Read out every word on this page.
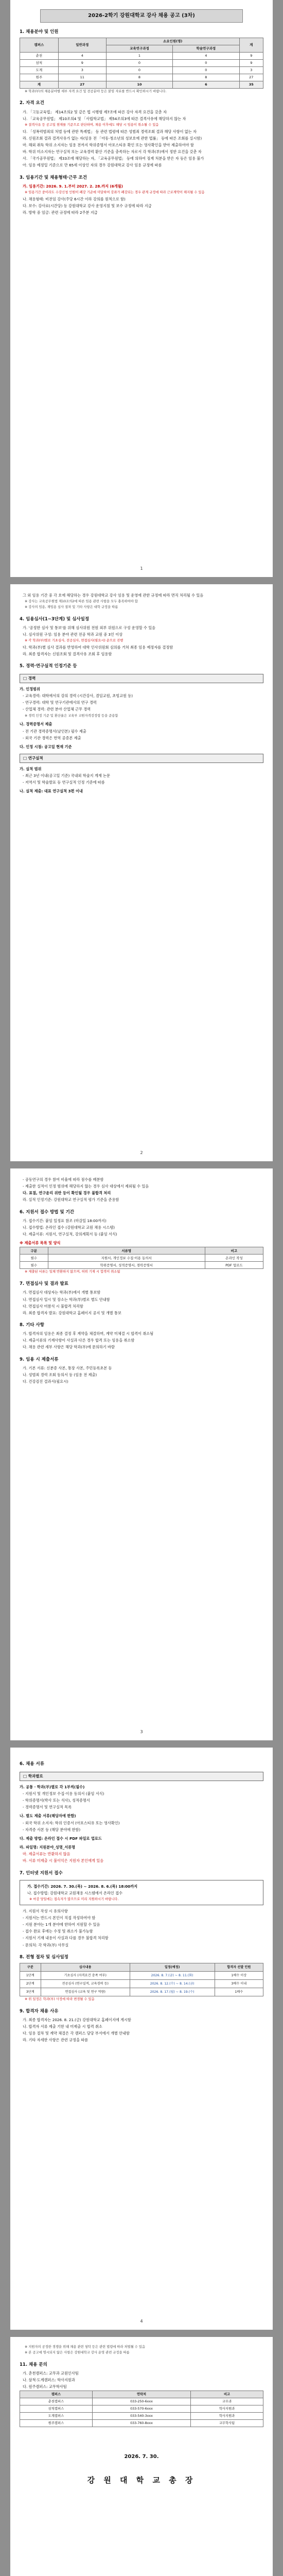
2026-2학기 강원대학교 강사 채용 공고 (3차)
1. 채용분야 및 인원
캠퍼스	일반과정	소요인원(명)		계
		교육연구과정	학술연구과정	
춘천	4	1	4	9
삼척	9	0	0	9
도계	3	0	0	3
원주	11	8	8	27
계	27	10	6	35
※ 학과(부)의 채용분야별 세부 자격 요건 및 전공분야 등은 붙임 자료를 반드시 확인하시기 바랍니다.
2. 자격 요건
가. 「고등교육법」 제14조의2 및 같은 법 시행령 제7조에 따른 강사 자격 요건을 갖춘 자
나. 「교육공무원법」 제10조의4 및 「사립학교법」 제54조의3에 따른 결격사유에 해당하지 않는 자
※ 결격사유 등 공고일 현재를 기준으로 판단하며, 채용 이후에도 해당 시 임용이 취소될 수 있음
다. 「성폭력범죄의 처벌 등에 관한 특례법」 등 관련 법령에 따른 성범죄 경력조회 결과 해당 사항이 없는 자
라. 신원조회 결과 결격사유가 없는 자(임용 전 「아동·청소년의 성보호에 관한 법률」 등에 따른 조회를 실시함)
마. 해외 취득 학위 소지자는 임용 전까지 학위증명서 아포스티유 확인 또는 영사확인을 받아 제출하여야 함
바. 학위 미소지자는 연구실적 또는 교육경력 환산 기준을 충족하는 자로서 각 학과(부)에서 정한 요건을 갖춘 자
사. 「국가공무원법」 제33조에 해당하는 자, 「교육공무원법」 등에 의하여 징계 처분을 받은 자 등은 임용 불가
아. 임용 예정일 기준으로 만 65세 이상인 자의 경우 강원대학교 강사 임용 규정에 따름
3. 임용기간 및 채용형태·근무 조건
가. 임용기간: 2026. 9. 1.부터 2027. 2. 28.까지 (6개월)
※ 임용기간 중이라도 수강신청 인원이 폐강 기준에 미달하여 강좌가 폐강되는 경우 관계 규정에 따라 근로계약이 해지될 수 있음
나. 채용형태: 비전임 강사(주당 6시간 이하 강의를 원칙으로 함)
다. 보수: 강사료(시간당) 등 강원대학교 강사 운영지침 및 보수 규정에 따라 지급
라. 방학 중 임금: 관련 규정에 따라 2주분 지급
1
그 외 임용 기간 중 각 호에 해당하는 경우 강원대학교 강사 임용 및 운영에 관한 규정에 따라 면직 처리될 수 있음
※ 강사는 교육공무원법 제10조의2에 따른 임용 관련 사항을 모두 충족하여야 함
※ 강사의 임용, 재임용 심사 절차 및 기타 사항은 대학 규정을 따름
4. 임용심사(1~3단계) 및 심사일정
가. '공정한 심사 및 통보'를 위해 심사위원 전원 외부 위원으로 구성 운영할 수 있음
나. 심사위원 구성: 임용 분야 관련 전공 학과 교원 중 3인 이상
※ 각 학과(부)별로 기초심사, 전공심사, 면접심사(필요시) 순으로 진행
다. 학과(부)별 심사 결과를 반영하여 대학 인사위원회 심의를 거쳐 최종 임용 예정자를 결정함
라. 최종 합격자는 신원조회 및 결격사유 조회 후 임용함
5. 경력·연구실적 인정기준 등
□ 경력
가. 인정범위
- 교육경력: 대학에서의 강의 경력 (시간강사, 겸임교원, 초빙교원 등)
- 연구경력: 대학 및 연구기관에서의 연구 경력
- 산업체 경력: 관련 분야 산업체 근무 경력
※ 경력 인정 기준 및 환산율은 교육부 교원자격검정령 등을 준용함
나. 경력증명서 제출
- 전 기관 경력증명서(날인본) 필수 제출
- 외국 기관 경력은 번역 공증본 제출
다. 인정 시점: 공고일 현재 기준
□ 연구실적
가. 실적 범위
- 최근 3년 이내(공고일 기준) 국내외 학술지 게재 논문
- 저역서 및 학술발표 등 연구실적 인정 기준에 따름
나. 실적 제출: 대표 연구실적 3편 이내
2
- 공동연구의 경우 참여 비율에 따라 점수를 배분함
- 제출한 실적이 인정 범위에 해당하지 않는 경우 심사 대상에서 제외될 수 있음
다. 표절, 연구윤리 위반 등이 확인될 경우 불합격 처리
라. 실적 인정기준: 강원대학교 연구실적 평가 기준을 준용함
6. 지원서 접수 방법 및 기간
가. 접수기간: 붙임 일정표 참조 (마감일 18:00까지)
나. 접수방법: 온라인 접수 (강원대학교 교원 채용 시스템)
다. 제출서류: 지원서, 연구실적, 강의계획서 등 (붙임 서식)
※ 제출서류 목록 및 양식
구분	서류명	비고
필수	지원서, 개인정보 수집·이용 동의서	온라인 작성
필수	학위증명서, 성적증명서, 경력증명서	PDF 업로드
※ 제출된 서류는 일체 반환하지 않으며, 허위 기재 시 합격이 취소됨
7. 면접심사 및 결과 발표
가. 면접심사 대상자는 학과(부)에서 개별 통보함
나. 면접심사 일시 및 장소는 학과(부)별로 별도 안내함
다. 면접심사 미참석 시 불합격 처리함
라. 최종 합격자 발표: 강원대학교 홈페이지 공지 및 개별 통보
8. 기타 사항
가. 합격자의 임용은 최종 결정 후 계약을 체결하며, 계약 미체결 시 합격이 취소됨
나. 제출서류의 기재사항이 사실과 다른 경우 합격 또는 임용을 취소함
다. 채용 관련 세부 사항은 해당 학과(부)에 문의하기 바람
9. 임용 시 제출서류
가. 기본 서류: 신분증 사본, 통장 사본, 주민등록초본 등
나. 성범죄 경력 조회 동의서 등 (임용 전 제출)
다. 건강검진 결과서(필요시)
3
6. 채용 서류
□ 학과별로
가. 공통 · 학과(부)별로 각 1부씩(필수)
- 지원서 및 개인정보 수집·이용 동의서 (붙임 서식)
- 학위증명서(박사 또는 석사), 성적증명서
- 경력증명서 및 연구실적 목록
나. 별도 제출 서류(해당자에 한함)
- 외국 학위 소지자: 학위 인증서 (아포스티유 또는 영사확인)
- 자격증 사본 등 (해당 분야에 한함)
다. 제출 방법: 온라인 접수 시 PDF 파일로 업로드
라. 파일명: 지원분야_성명_서류명
마. 제출서류는 반환하지 않음
바. 서류 미제출 시 불이익은 지원자 본인에게 있음
7. 인터넷 지원서 접수
가. 접수기간: 2026. 7. 30.(목) ~ 2026. 8. 6.(목) 18:00까지
나. 접수방법: 강원대학교 교원채용 시스템에서 온라인 접수
※ 마감 당일에는 접속자가 많으므로 미리 지원하시기 바랍니다.
가. 지원서 작성 시 유의사항
- 지원서는 반드시 본인이 직접 작성하여야 함
- 지원 분야는 1개 분야에 한하여 지원할 수 있음
- 접수 완료 후에는 수정 및 취소가 불가능함
- 지원서 기재 내용이 사실과 다를 경우 불합격 처리함
- 문의처: 각 학과(부) 사무실
8. 전형 절차 및 심사일정
구분	심사내용	일정(예정)	합격자 선발 인원
1단계	기초심사 (자격요건 충족 여부)	2026. 8. 7.(금) ~ 8. 11.(화)	1배수 이상
2단계	전공심사 (연구실적, 교육경력 등)	2026. 8. 12.(수) ~ 8. 14.(금)	3배수 이내
3단계	면접심사 (교육 및 연구 역량)	2026. 8. 17.(월) ~ 8. 19.(수)	1배수
※ 위 일정은 학과(부) 사정에 따라 변경될 수 있음
9. 합격자 채용 사유
가. 최종 합격자는 2026. 8. 21.(금) 강원대학교 홈페이지에 게시함
나. 합격자 서류 제출 기한 내 미제출 시 합격 취소
다. 임용 절차 및 계약 체결은 각 캠퍼스 담당 부서에서 개별 안내함
라. 기타 자세한 사항은 관련 규정을 따름
4
※ 지원자의 공정한 경쟁을 위해 채용 관련 청탁 등은 관련 법령에 따라 처벌될 수 있음
※ 본 공고에 명시되지 않은 사항은 강원대학교 강사 운영 관련 규정을 따름
11. 채용 문의
가. 춘천캠퍼스: 교무과 교원인사팀
나. 삼척·도계캠퍼스: 학사지원과
다. 원주캠퍼스: 교무학사팀
캠퍼스	연락처	비고
춘천캠퍼스	033-250-6xxx	교무과
삼척캠퍼스	033-570-6xxx	학사지원과
도계캠퍼스	033-540-3xxx	학사지원과
원주캠퍼스	033-760-8xxx	교무학사팀
2026. 7. 30.
강 원 대 학 교 총 장
